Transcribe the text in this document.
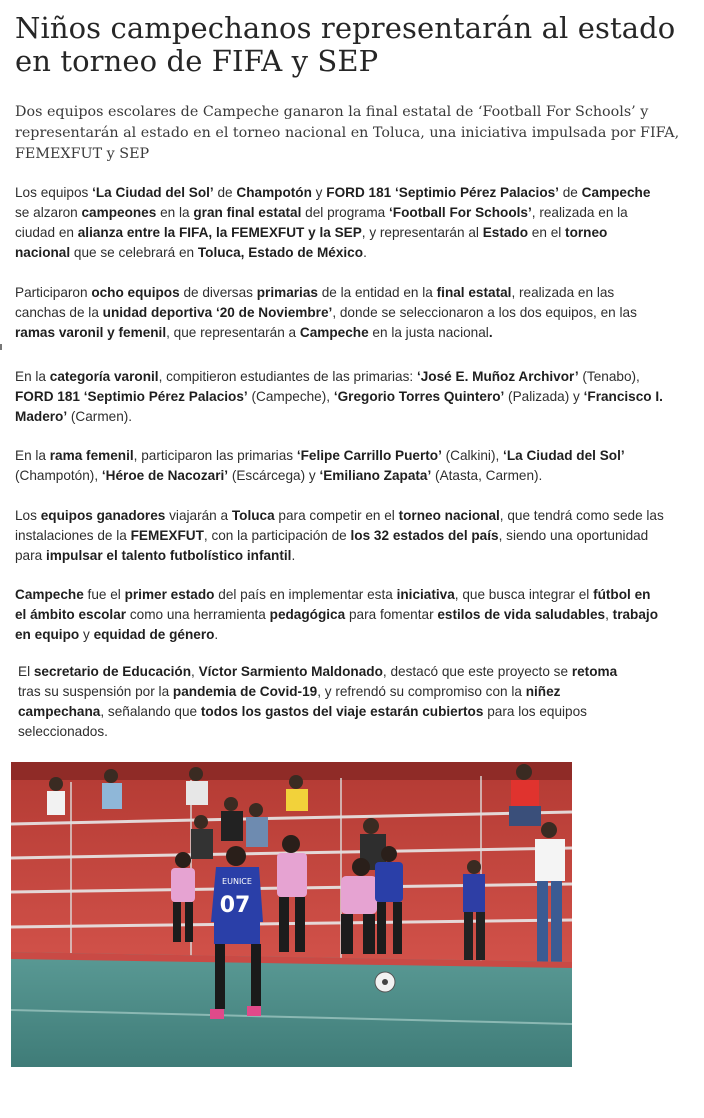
Niños campechanos representarán al estado en torneo de FIFA y SEP

Dos equipos escolares de Campeche ganaron la final estatal de ‘Football For Schools’ y representarán al estado en el torneo nacional en Toluca, una iniciativa impulsada por FIFA, FEMEXFUT y SEP

Los equipos ‘La Ciudad del Sol’ de Champotón y FORD 181 ‘Septimio Pérez Palacios’ de Campeche se alzaron campeones en la gran final estatal del programa ‘Football For Schools’, realizada en la ciudad en alianza entre la FIFA, la FEMEXFUT y la SEP, y representarán al Estado en el torneo nacional que se celebrará en Toluca, Estado de México.

Participaron ocho equipos de diversas primarias de la entidad en la final estatal, realizada en las canchas de la unidad deportiva ‘20 de Noviembre’, donde se seleccionaron a los dos equipos, en las ramas varonil y femenil, que representarán a Campeche en la justa nacional.

En la categoría varonil, compitieron estudiantes de las primarias: ‘José E. Muñoz Archivor’ (Tenabo), FORD 181 ‘Septimio Pérez Palacios’ (Campeche), ‘Gregorio Torres Quintero’ (Palizada) y ‘Francisco I. Madero’ (Carmen).

En la rama femenil, participaron las primarias ‘Felipe Carrillo Puerto’ (Calkini), ‘La Ciudad del Sol’ (Champotón), ‘Héroe de Nacozari’ (Escárcega) y ‘Emiliano Zapata’ (Atasta, Carmen).

Los equipos ganadores viajarán a Toluca para competir en el torneo nacional, que tendrá como sede las instalaciones de la FEMEXFUT, con la participación de los 32 estados del país, siendo una oportunidad para impulsar el talento futbolístico infantil.

Campeche fue el primer estado del país en implementar esta iniciativa, que busca integrar el fútbol en el ámbito escolar como una herramienta pedagógica para fomentar estilos de vida saludables, trabajo en equipo y equidad de género.

El secretario de Educación, Víctor Sarmiento Maldonado, destacó que este proyecto se retoma tras su suspensión por la pandemia de Covid-19, y refrendó su compromiso con la niñez campechana, señalando que todos los gastos del viaje estarán cubiertos para los equipos seleccionados.

EUNICE
07
